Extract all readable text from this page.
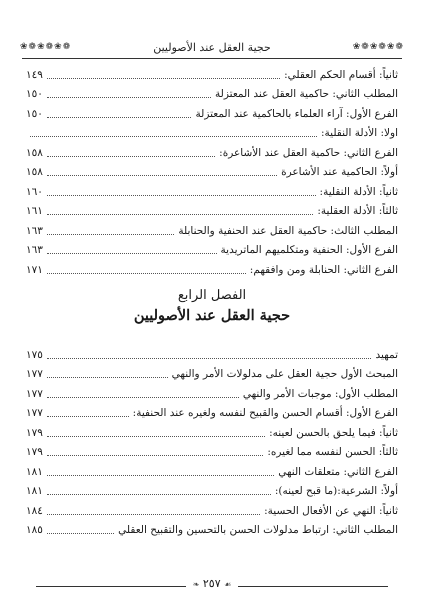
❀❁❀❁❀❁	حجية العقل عند الأصوليين	❀❁❀❁❀❁
ثانياً: أقسام الحكم العقلي:
١٤٩
المطلب الثاني: حاكمية العقل عند المعتزلة
١٥٠
الفرع الأول: آراء العلماء بالحاكمية عند المعتزلة
١٥٠
اولا: الأدلة النقلية:
الفرع الثاني: حاكمية العقل عند الأشاعرة:
١٥٨
أولاً: الحاكمية عند الأشاعرة
١٥٨
ثانياً: الأدلة النقلية:
١٦٠
ثالثاً: الأدلة العقلية:
١٦١
المطلب الثالث: حاكمية العقل عند الحنفية والحنابلة
١٦٣
الفرع الأول: الحنفية ومتكلميهم الماتريدية
١٦٣
الفرع الثاني: الحنابلة ومن وافقهم:
١٧١
الفصل الرابع
حجية العقل عند الأصوليين
تمهيد
١٧٥
المبحث الأول حجية العقل على مدلولات الأمر والنهي
١٧٧
المطلب الأول: موجبات الأمر والنهي
١٧٧
الفرع الأول: أقسام الحسن والقبيح لنفسه ولغيره عند الحنفية:
١٧٧
ثانياً: فيما يلحق بالحسن لعينه:
١٧٩
ثالثاً: الحسن لنفسه مما لغيره:
١٧٩
الفرع الثاني: متعلقات النهي
١٨١
أولاً: الشرعية:(ما قبح لعينه):
١٨١
ثانياً: النهي عن الأفعال الحسية:
١٨٤
المطلب الثاني: ارتباط مدلولات الحسن بالتحسين والتقبيح العقلي
١٨٥
☙ ٢٥٧ ❧
